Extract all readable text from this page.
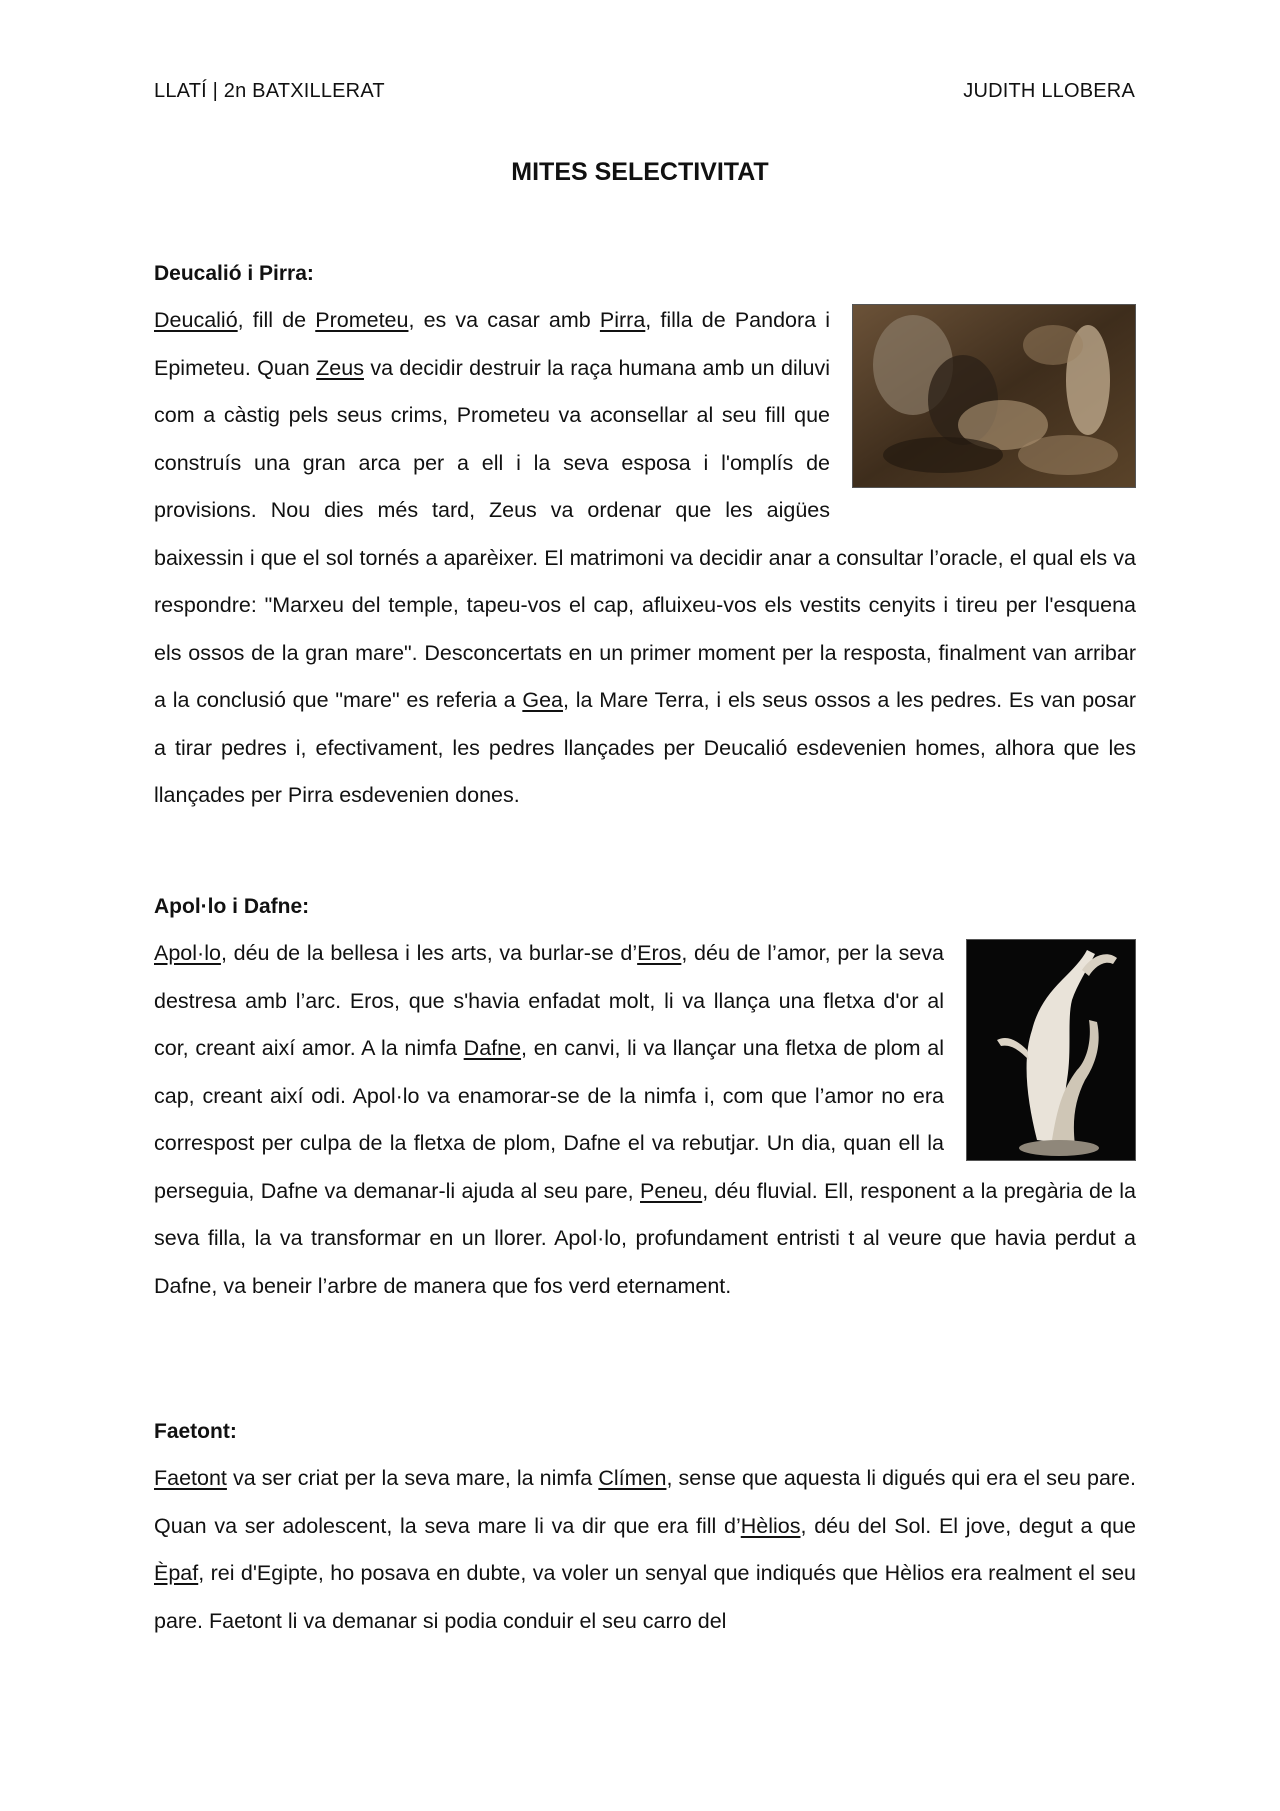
LLATÍ | 2n BATXILLERAT	JUDITH LLOBERA
MITES SELECTIVITAT
Deucalió i Pirra:

Deucalió, fill de Prometeu, es va casar amb Pirra, filla de Pandora i Epimeteu. Quan Zeus va decidir destruir la raça humana amb un diluvi com a càstig pels seus crims, Prometeu va aconsellar al seu fill que construís una gran arca per a ell i la seva esposa i l'omplís de provisions. Nou dies més tard, Zeus va ordenar que les aigües baixessin i que el sol tornés a aparèixer. El matrimoni va decidir anar a consultar l’oracle, el qual els va respondre: "Marxeu del temple, tapeu-vos el cap, afluixeu-vos els vestits cenyits i tireu per l'esquena els ossos de la gran mare". Desconcertats en un primer moment per la resposta, finalment van arribar a la conclusió que "mare" es referia a Gea, la Mare Terra, i els seus ossos a les pedres. Es van posar a tirar pedres i, efectivament, les pedres llançades per Deucalió esdevenien homes, alhora que les llançades per Pirra esdevenien dones.

Apol·lo i Dafne:

Apol·lo, déu de la bellesa i les arts, va burlar-se d’Eros, déu de l’amor, per la seva destresa amb l’arc. Eros, que s'havia enfadat molt, li va llança una fletxa d'or al cor, creant així amor. A la nimfa Dafne, en canvi, li va llançar una fletxa de plom al cap, creant així odi. Apol·lo va enamorar-se de la nimfa i, com que l’amor no era correspost per culpa de la fletxa de plom, Dafne el va rebutjar. Un dia, quan ell la perseguia, Dafne va demanar-li ajuda al seu pare, Peneu, déu fluvial. Ell, responent a la pregària de la seva filla, la va transformar en un llorer. Apol·lo, profundament entristi t al veure que havia perdut a Dafne, va beneir l’arbre de manera que fos verd eternament.

Faetont:

Faetont va ser criat per la seva mare, la nimfa Clímen, sense que aquesta li digués qui era el seu pare. Quan va ser adolescent, la seva mare li va dir que era fill d’Hèlios, déu del Sol. El jove, degut a que Èpaf, rei d'Egipte, ho posava en dubte, va voler un senyal que indiqués que Hèlios era realment el seu pare. Faetont li va demanar si podia conduir el seu carro del
